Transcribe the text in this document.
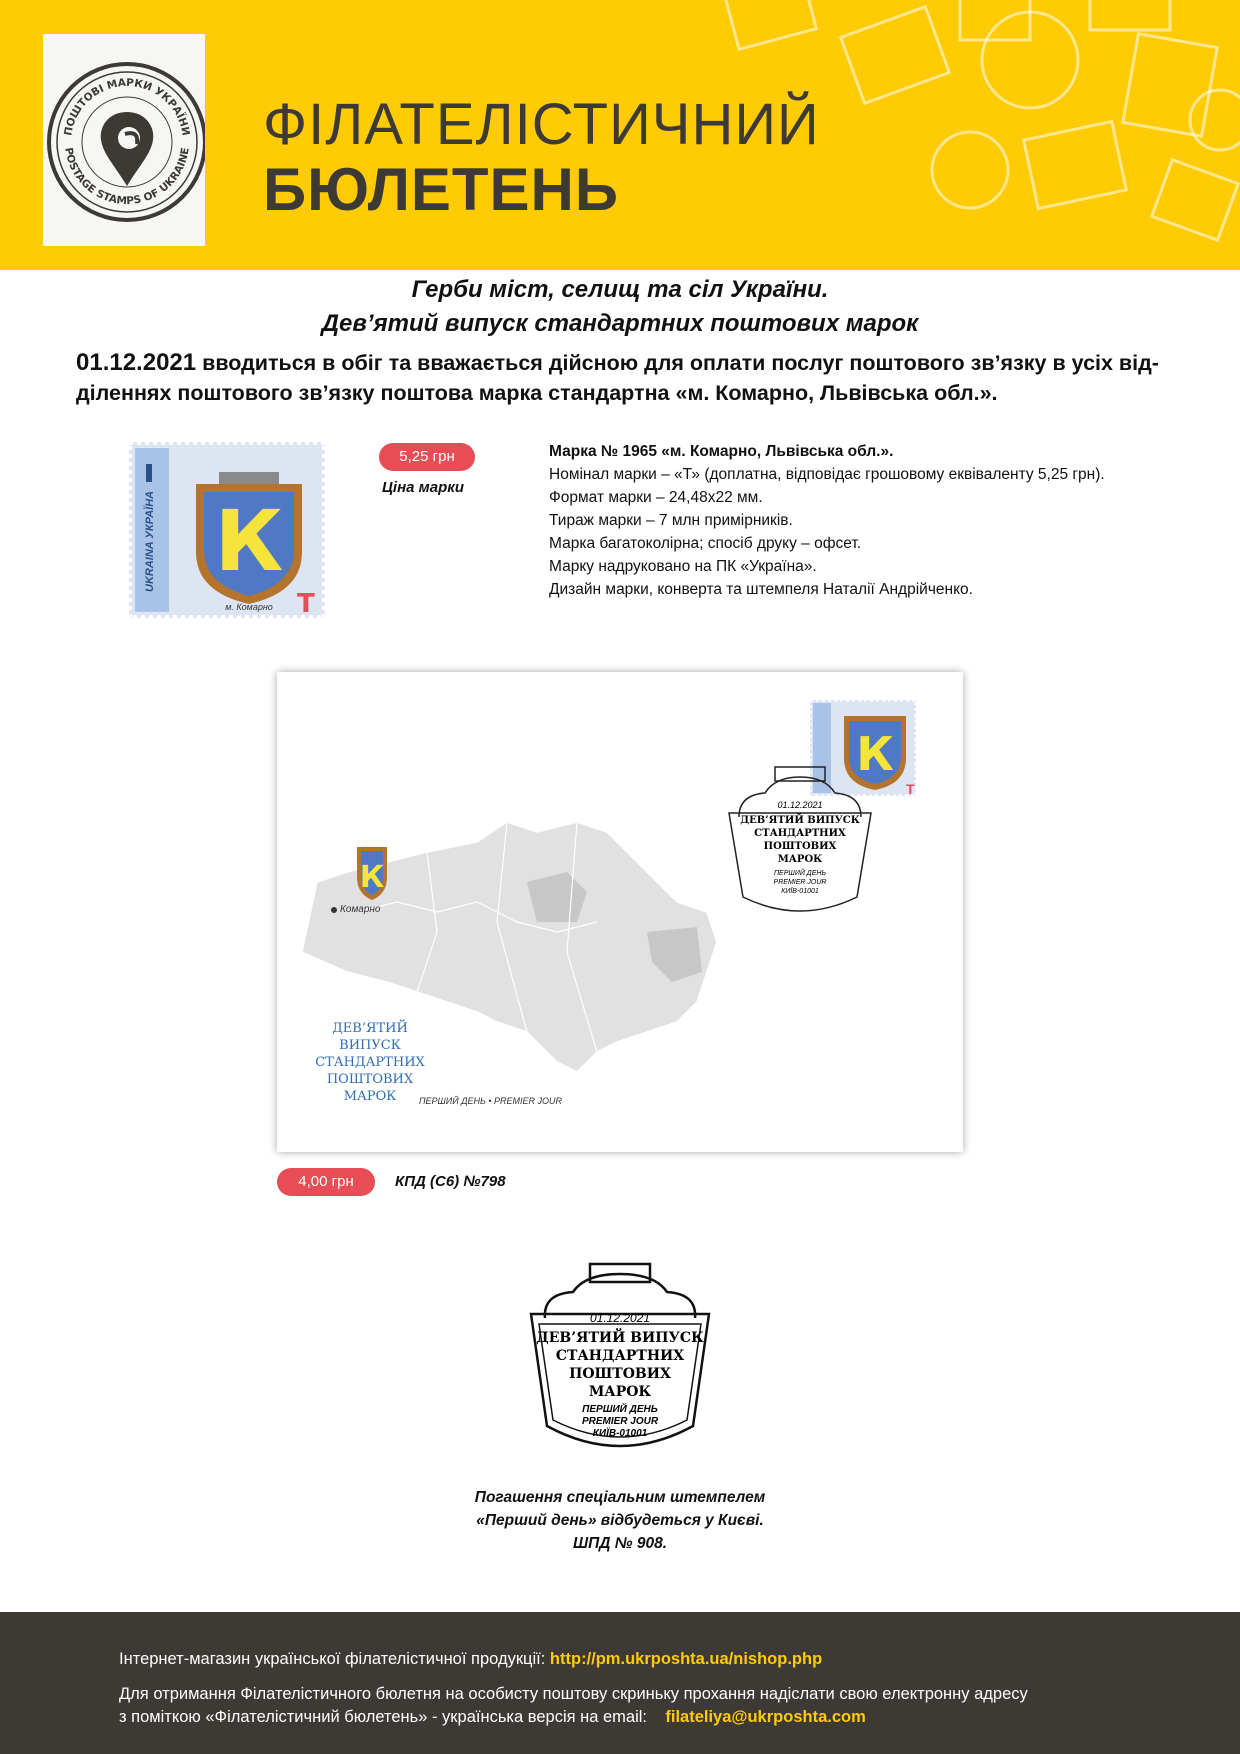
ПОШТОВІ МАРКИ УКРАЇНИ
POSTAGE STAMPS OF UKRAINE ФІЛАТЕЛІСТИЧНИЙ
БЮЛЕТЕНЬ
Герби міст, селищ та сіл України.
Дев’ятий випуск стандартних поштових марок
01.12.2021 вводиться в обіг та вважається дійсною для оплати послуг поштового зв’язку в усіх від-діленнях поштового зв’язку поштова марка стандартна «м. Комарно, Львівська обл.».
UKRAINA УКРАЇНА К
м. Комарно Т
5,25 грн
Ціна марки
Марка № 1965 «м. Комарно, Львівська обл.».
Номінал марки – «Т» (доплатна, відповідає грошовому еквіваленту 5,25 грн).
Формат марки – 24,48х22 мм.
Тираж марки – 7 млн примірників.
Марка багатоколірна; спосіб друку – офсет.
Марку надруковано на ПК «Україна».
Дизайн марки, конверта та штемпеля Наталії Андрійченко.
К
К
Т
01.12.2021
ДЕВ’ЯТИЙ ВИПУСК
СТАНДАРТНИХ
ПОШТОВИХ
МАРОК
ПЕРШИЙ ДЕНЬ
PREMIER JOUR
КИЇВ-01001
Комарно
ДЕВ’ЯТИЙ
ВИПУСК
СТАНДАРТНИХ
ПОШТОВИХ
МАРОК	ПЕРШИЙ ДЕНЬ • PREMIER JOUR
4,00 грн	КПД (С6) №798
01.12.2021
ДЕВ’ЯТИЙ ВИПУСК
СТАНДАРТНИХ
ПОШТОВИХ
МАРОК
ПЕРШИЙ ДЕНЬ
PREMIER JOUR
КИЇВ-01001
Погашення спеціальним штемпелем
«Перший день» відбудеться у Києві.
ШПД № 908.
Інтернет-магазин української філателістичної продукції: http://pm.ukrposhta.ua/nishop.php
Для отримання Філателістичного бюлетня на особисту поштову скриньку прохання надіслати свою електронну адресу
з поміткою «Філателістичний бюлетень» - українська версія на email:    filateliya@ukrposhta.com
